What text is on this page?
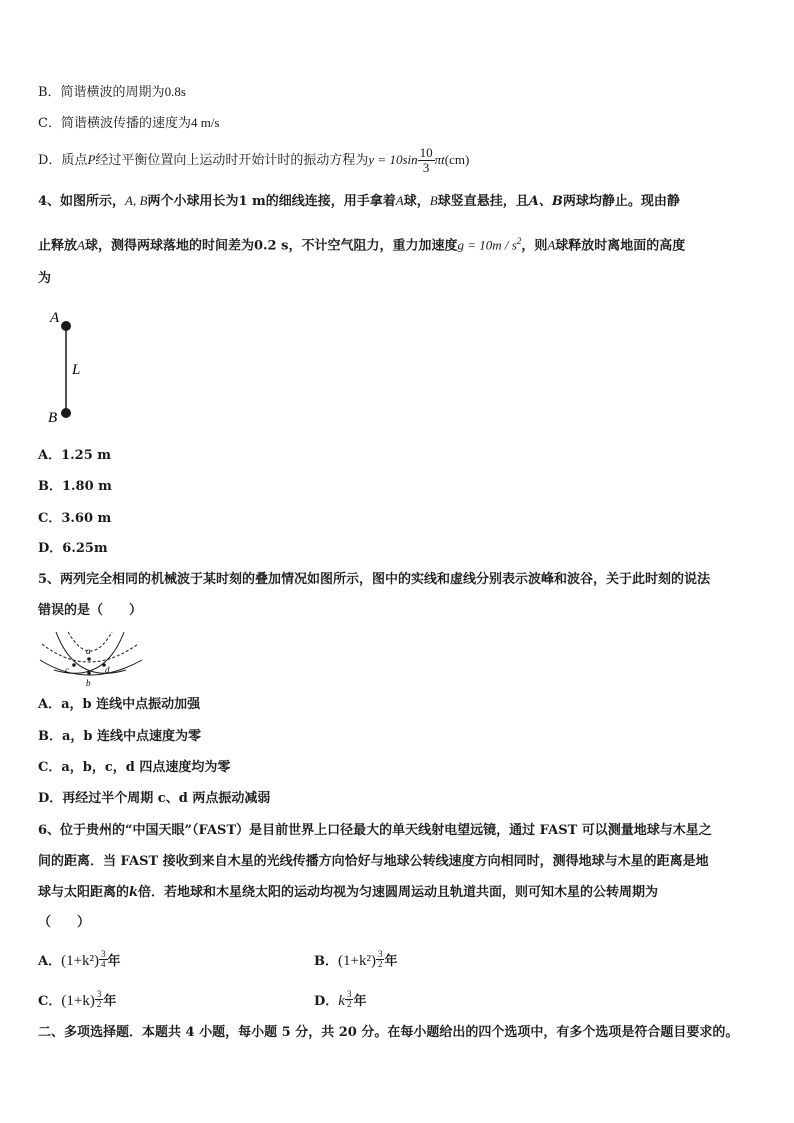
B．简谐横波的周期为0.8s
C．简谐横波传播的速度为4 m/s
D．质点P经过平衡位置向上运动时开始计时的振动方程为$y = 10\sin \frac{10}{3} \pi t(cm)$
4、如图所示，A, B两个小球用长为1 m的细线连接，用手拿着A球，B球竖直悬挂，且A、B两球均静止。现由静
止释放A球，测得两球落地的时间差为0.2 s，不计空气阻力，重力加速度$g = 10m / s^2$，则A球释放时离地面的高度
为
A
L
B
A．1.25 m
B．1.80 m
C．3.60 m
D．6.25m
5、两列完全相同的机械波于某时刻的叠加情况如图所示，图中的实线和虚线分别表示波峰和波谷，关于此时刻的说法
错误的是（　　）
a
b
c	d
A．a，b 连线中点振动加强
B．a，b 连线中点速度为零
C．a，b，c，d 四点速度均为零
D．再经过半个周期 c、d 两点振动减弱
6、位于贵州的“中国天眼”（FAST）是目前世界上口径最大的单天线射电望远镜，通过 FAST 可以测量地球与木星之
间的距离．当 FAST 接收到来自木星的光线传播方向恰好与地球公转线速度方向相同时，测得地球与木星的距离是地
球与太阳距离的k倍．若地球和木星绕太阳的运动均视为匀速圆周运动且轨道共面，则可知木星的公转周期为
（　　）
A．$(1+k^2) \frac{3}{4}$ 年	B．$(1+k^2) \frac{3}{2}$ 年
C．$(1+k) \frac{3}{2}$ 年	D．k $\frac{3}{2}$ 年
二、多项选择题．本题共 4 小题，每小题 5 分，共 20 分。在每小题给出的四个选项中，有多个选项是符合题目要求的。
